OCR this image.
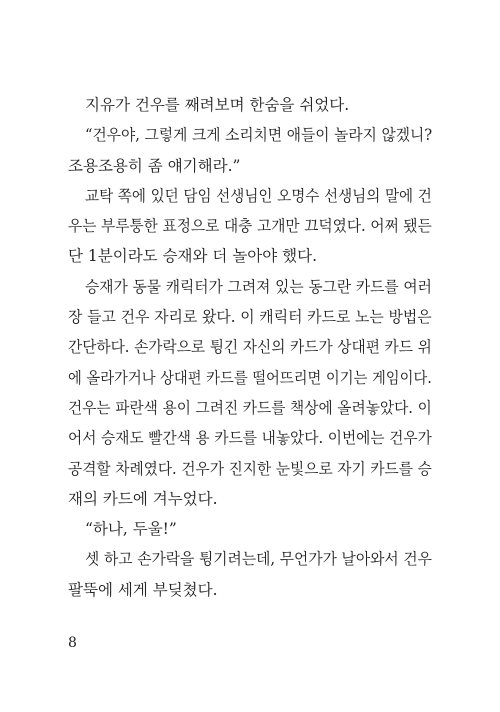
지유가 건우를 째려보며 한숨을 쉬었다.
“건우야, 그렇게 크게 소리치면 애들이 놀라지 않겠니?
조용조용히 좀 얘기해라.”
교탁 쪽에 있던 담임 선생님인 오명수 선생님의 말에 건
우는 부루퉁한 표정으로 대충 고개만 끄덕였다. 어쩌 됐든
단 1분이라도 승재와 더 놀아야 했다.
승재가 동물 캐릭터가 그려져 있는 동그란 카드를 여러
장 들고 건우 자리로 왔다. 이 캐릭터 카드로 노는 방법은
간단하다. 손가락으로 튕긴 자신의 카드가 상대편 카드 위
에 올라가거나 상대편 카드를 떨어뜨리면 이기는 게임이다.
건우는 파란색 용이 그려진 카드를 책상에 올려놓았다. 이
어서 승재도 빨간색 용 카드를 내놓았다. 이번에는 건우가
공격할 차례였다. 건우가 진지한 눈빛으로 자기 카드를 승
재의 카드에 겨누었다.
“하나, 두울!”
셋 하고 손가락을 튕기려는데, 무언가가 날아와서 건우
팔뚝에 세게 부딪쳤다.
8
